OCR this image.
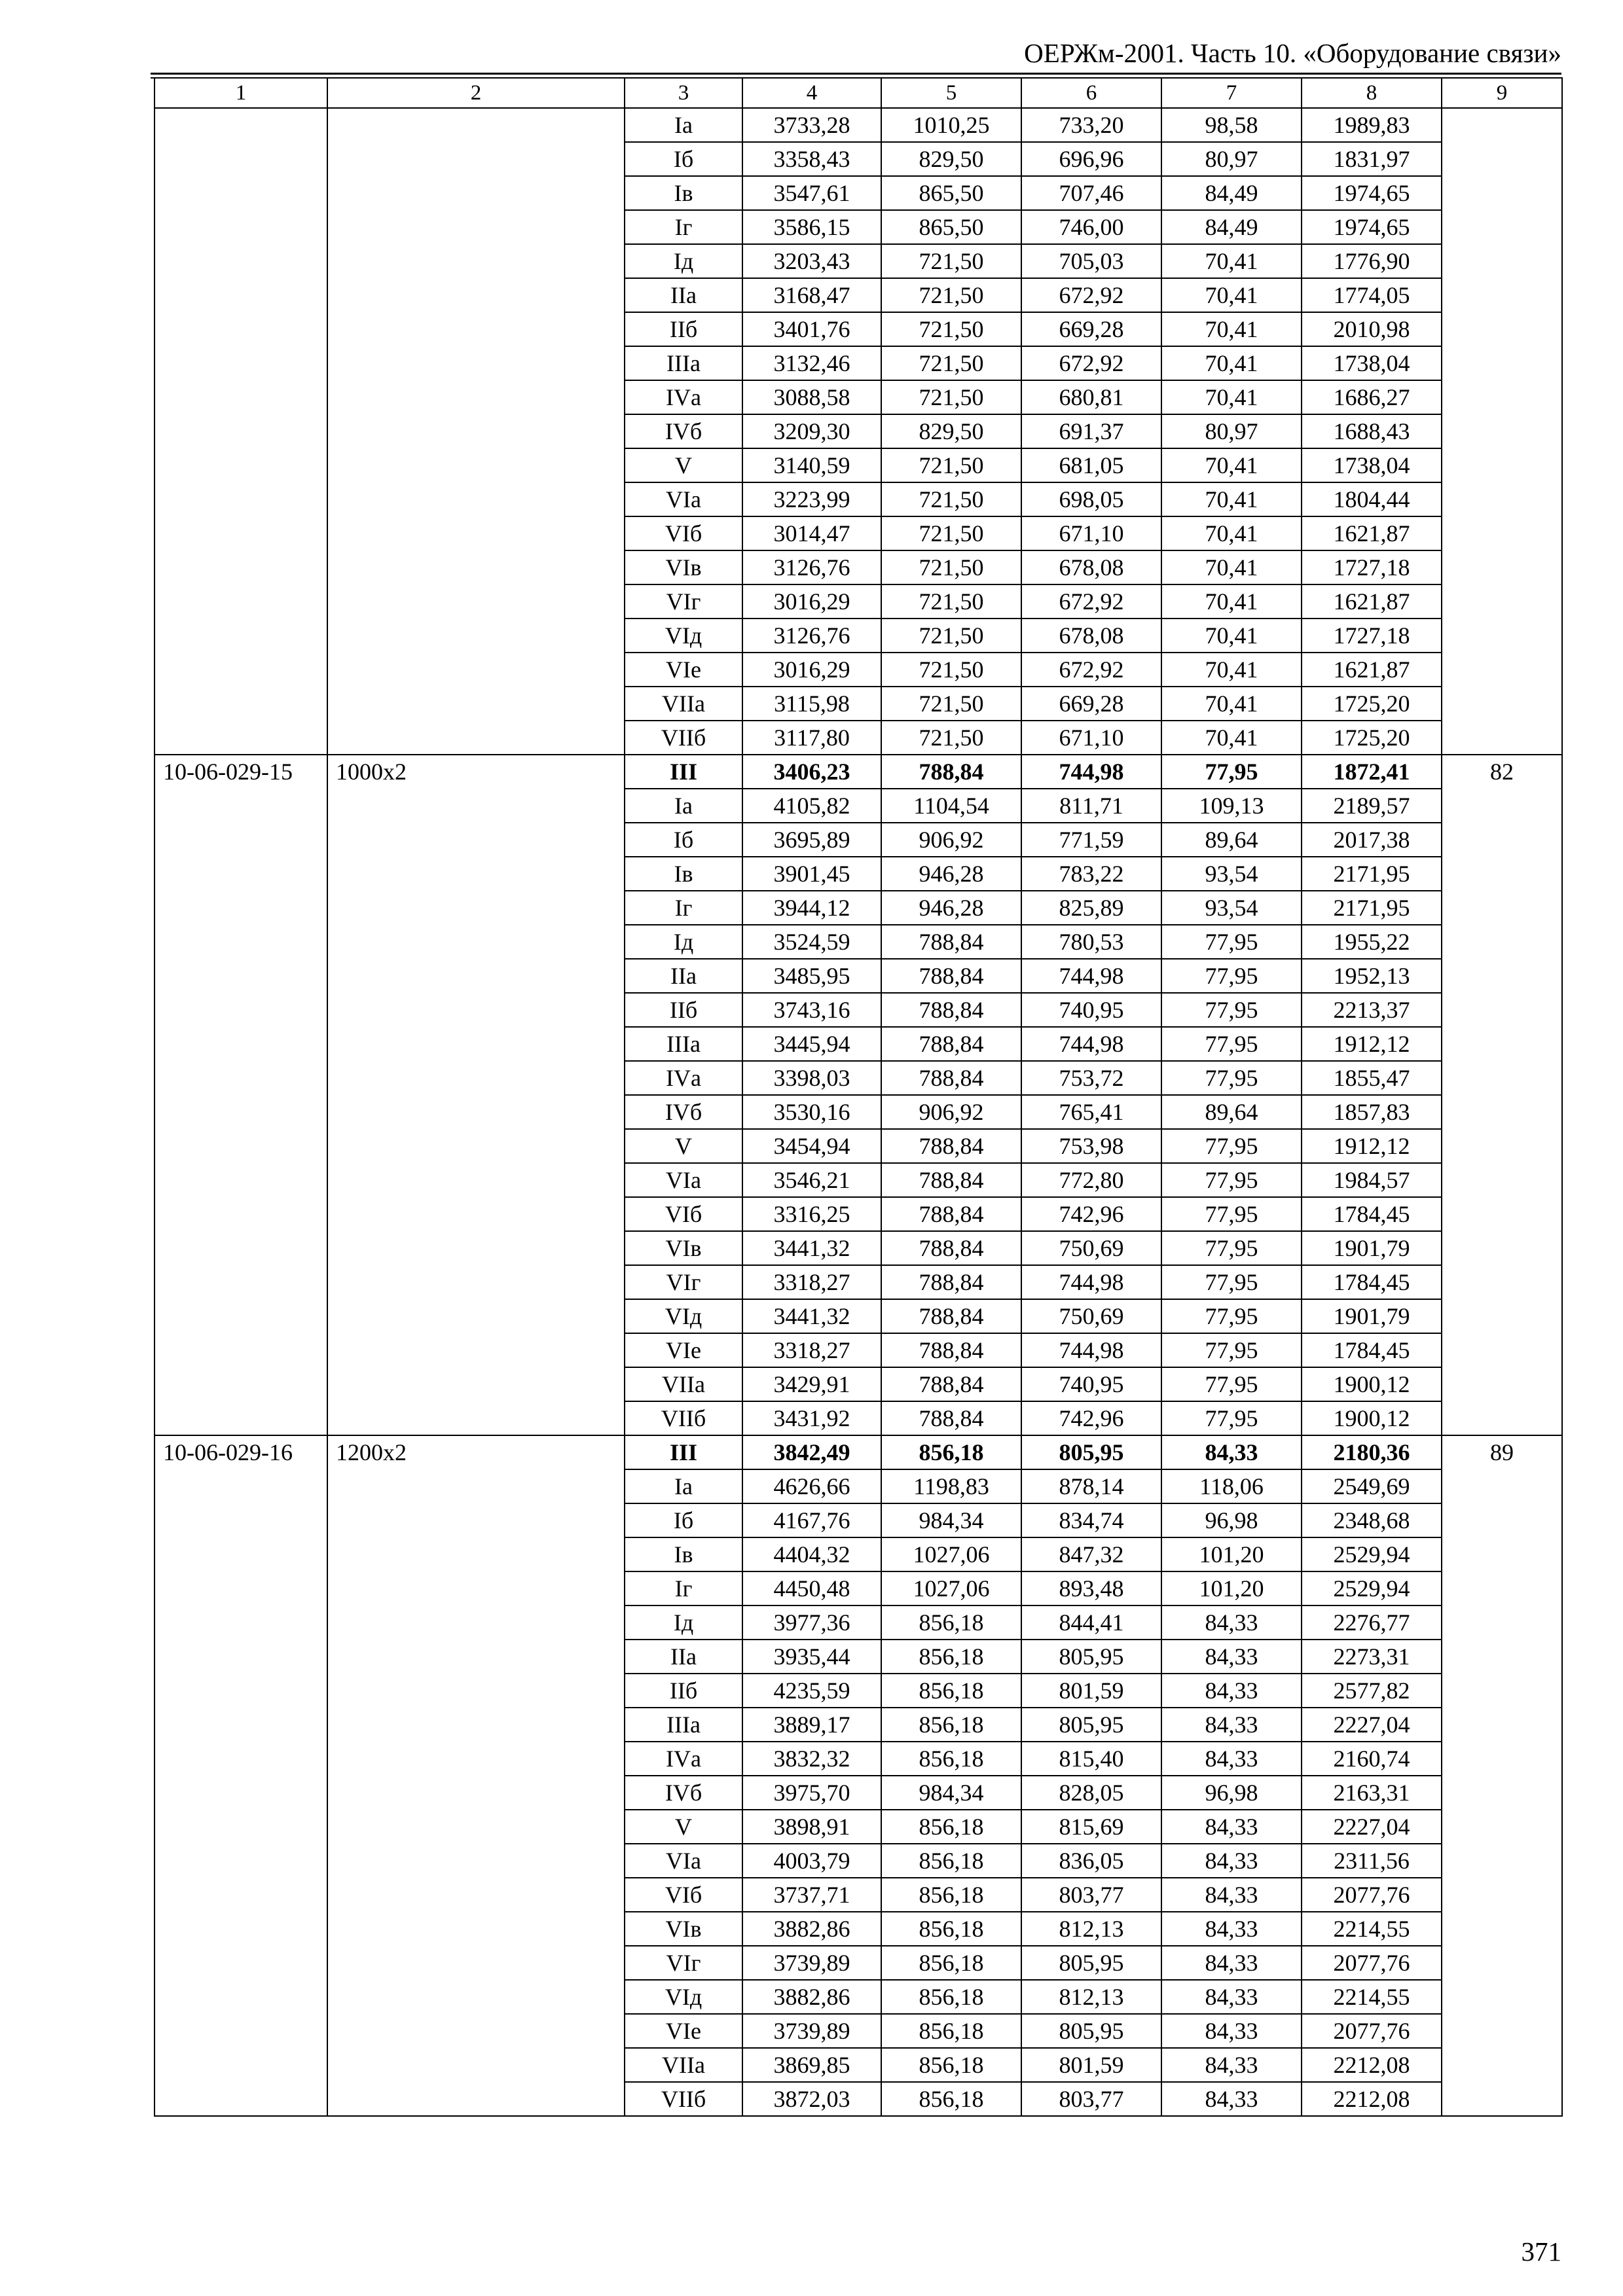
ОЕРЖм-2001. Часть 10. «Оборудование связи»
1	2	3	4	5	6	7	8	9
		Iа	3733,28	1010,25	733,20	98,58	1989,83	
		Iб	3358,43	829,50	696,96	80,97	1831,97	
		Iв	3547,61	865,50	707,46	84,49	1974,65	
		Iг	3586,15	865,50	746,00	84,49	1974,65	
		Iд	3203,43	721,50	705,03	70,41	1776,90	
		IIа	3168,47	721,50	672,92	70,41	1774,05	
		IIб	3401,76	721,50	669,28	70,41	2010,98	
		IIIа	3132,46	721,50	672,92	70,41	1738,04	
		IVа	3088,58	721,50	680,81	70,41	1686,27	
		IVб	3209,30	829,50	691,37	80,97	1688,43	
		V	3140,59	721,50	681,05	70,41	1738,04	
		VIа	3223,99	721,50	698,05	70,41	1804,44	
		VIб	3014,47	721,50	671,10	70,41	1621,87	
		VIв	3126,76	721,50	678,08	70,41	1727,18	
		VIг	3016,29	721,50	672,92	70,41	1621,87	
		VIд	3126,76	721,50	678,08	70,41	1727,18	
		VIе	3016,29	721,50	672,92	70,41	1621,87	
		VIIа	3115,98	721,50	669,28	70,41	1725,20	
		VIIб	3117,80	721,50	671,10	70,41	1725,20	
10-06-029-15	1000x2	III	3406,23	788,84	744,98	77,95	1872,41	82
		Iа	4105,82	1104,54	811,71	109,13	2189,57	
		Iб	3695,89	906,92	771,59	89,64	2017,38	
		Iв	3901,45	946,28	783,22	93,54	2171,95	
		Iг	3944,12	946,28	825,89	93,54	2171,95	
		Iд	3524,59	788,84	780,53	77,95	1955,22	
		IIа	3485,95	788,84	744,98	77,95	1952,13	
		IIб	3743,16	788,84	740,95	77,95	2213,37	
		IIIа	3445,94	788,84	744,98	77,95	1912,12	
		IVа	3398,03	788,84	753,72	77,95	1855,47	
		IVб	3530,16	906,92	765,41	89,64	1857,83	
		V	3454,94	788,84	753,98	77,95	1912,12	
		VIа	3546,21	788,84	772,80	77,95	1984,57	
		VIб	3316,25	788,84	742,96	77,95	1784,45	
		VIв	3441,32	788,84	750,69	77,95	1901,79	
		VIг	3318,27	788,84	744,98	77,95	1784,45	
		VIд	3441,32	788,84	750,69	77,95	1901,79	
		VIе	3318,27	788,84	744,98	77,95	1784,45	
		VIIа	3429,91	788,84	740,95	77,95	1900,12	
		VIIб	3431,92	788,84	742,96	77,95	1900,12	
10-06-029-16	1200x2	III	3842,49	856,18	805,95	84,33	2180,36	89
		Iа	4626,66	1198,83	878,14	118,06	2549,69	
		Iб	4167,76	984,34	834,74	96,98	2348,68	
		Iв	4404,32	1027,06	847,32	101,20	2529,94	
		Iг	4450,48	1027,06	893,48	101,20	2529,94	
		Iд	3977,36	856,18	844,41	84,33	2276,77	
		IIа	3935,44	856,18	805,95	84,33	2273,31	
		IIб	4235,59	856,18	801,59	84,33	2577,82	
		IIIа	3889,17	856,18	805,95	84,33	2227,04	
		IVа	3832,32	856,18	815,40	84,33	2160,74	
		IVб	3975,70	984,34	828,05	96,98	2163,31	
		V	3898,91	856,18	815,69	84,33	2227,04	
		VIа	4003,79	856,18	836,05	84,33	2311,56	
		VIб	3737,71	856,18	803,77	84,33	2077,76	
		VIв	3882,86	856,18	812,13	84,33	2214,55	
		VIг	3739,89	856,18	805,95	84,33	2077,76	
		VIд	3882,86	856,18	812,13	84,33	2214,55	
		VIе	3739,89	856,18	805,95	84,33	2077,76	
		VIIа	3869,85	856,18	801,59	84,33	2212,08	
		VIIб	3872,03	856,18	803,77	84,33	2212,08	
371
